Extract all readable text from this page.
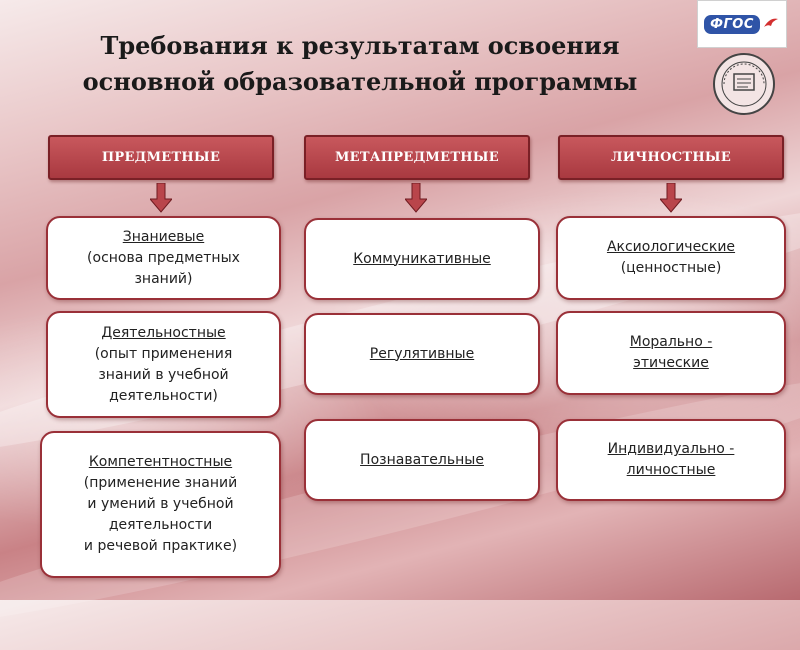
Требования к результатам освоения
основной образовательной программы
ФГОС
ПРЕДМЕТНЫЕ	МЕТАПРЕДМЕТНЫЕ	ЛИЧНОСТНЫЕ
Знаниевые
(основа предметных
знаний)
Деятельностные
(опыт применения
знаний в учебной
деятельности)
Компетентностные
(применение знаний
и умений в учебной
деятельности
и речевой практике)
Коммуникативные
Регулятивные
Познавательные
Аксиологические
(ценностные)
Морально -
этические
Индивидуально -
личностные
